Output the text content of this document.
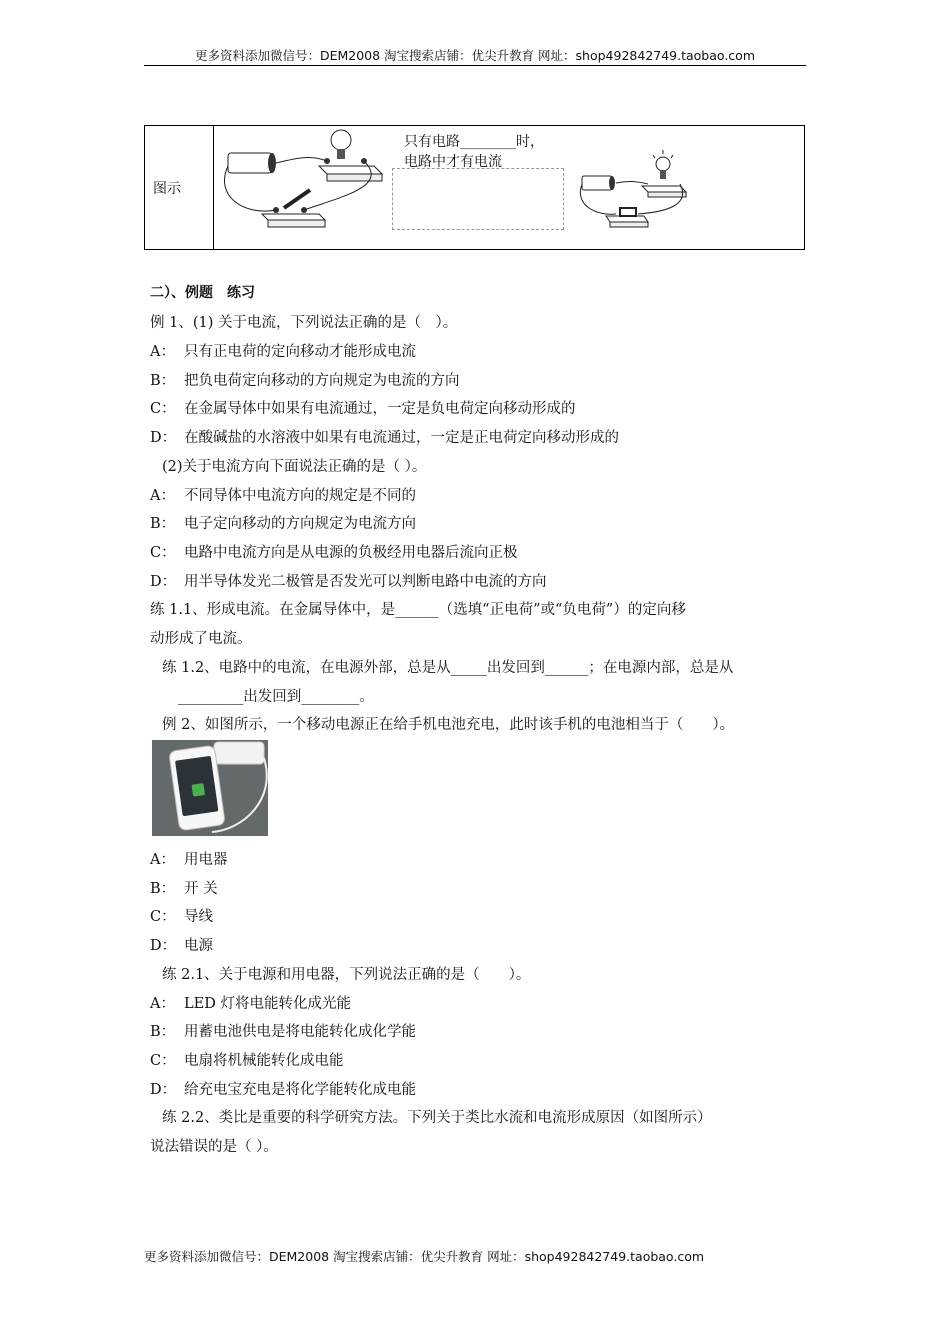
更多资料添加微信号：DEM2008 淘宝搜索店铺：优尖升教育 网址：shop492842749.taobao.com
图示	
只有电路________时，
电路中才有电流
二）、例题　练习
例 1、(1) 关于电流，下列说法正确的是（　）。
A： 只有正电荷的定向移动才能形成电流
B： 把负电荷定向移动的方向规定为电流的方向
C： 在金属导体中如果有电流通过，一定是负电荷定向移动形成的
D： 在酸碱盐的水溶液中如果有电流通过，一定是正电荷定向移动形成的
(2)关于电流方向下面说法正确的是（ ）。
A： 不同导体中电流方向的规定是不同的
B： 电子定向移动的方向规定为电流方向
C： 电路中电流方向是从电源的负极经用电器后流向正极
D： 用半导体发光二极管是否发光可以判断电路中电流的方向
练 1.1、形成电流。在金属导体中，是______（选填“正电荷”或“负电荷”）的定向移
动形成了电流。
练 1.2、电路中的电流，在电源外部，总是从_____出发回到______；在电源内部，总是从
_________出发回到________。
例 2、如图所示，一个移动电源正在给手机电池充电，此时该手机的电池相当于（　　）。
A： 用电器
B： 开 关
C： 导线
D： 电源
练 2.1、关于电源和用电器，下列说法正确的是（　　）。
A： LED 灯将电能转化成光能
B： 用蓄电池供电是将电能转化成化学能
C： 电扇将机械能转化成电能
D： 给充电宝充电是将化学能转化成电能
练 2.2、类比是重要的科学研究方法。下列关于类比水流和电流形成原因（如图所示）
说法错误的是（ ）。
更多资料添加微信号：DEM2008 淘宝搜索店铺：优尖升教育 网址：shop492842749.taobao.com
